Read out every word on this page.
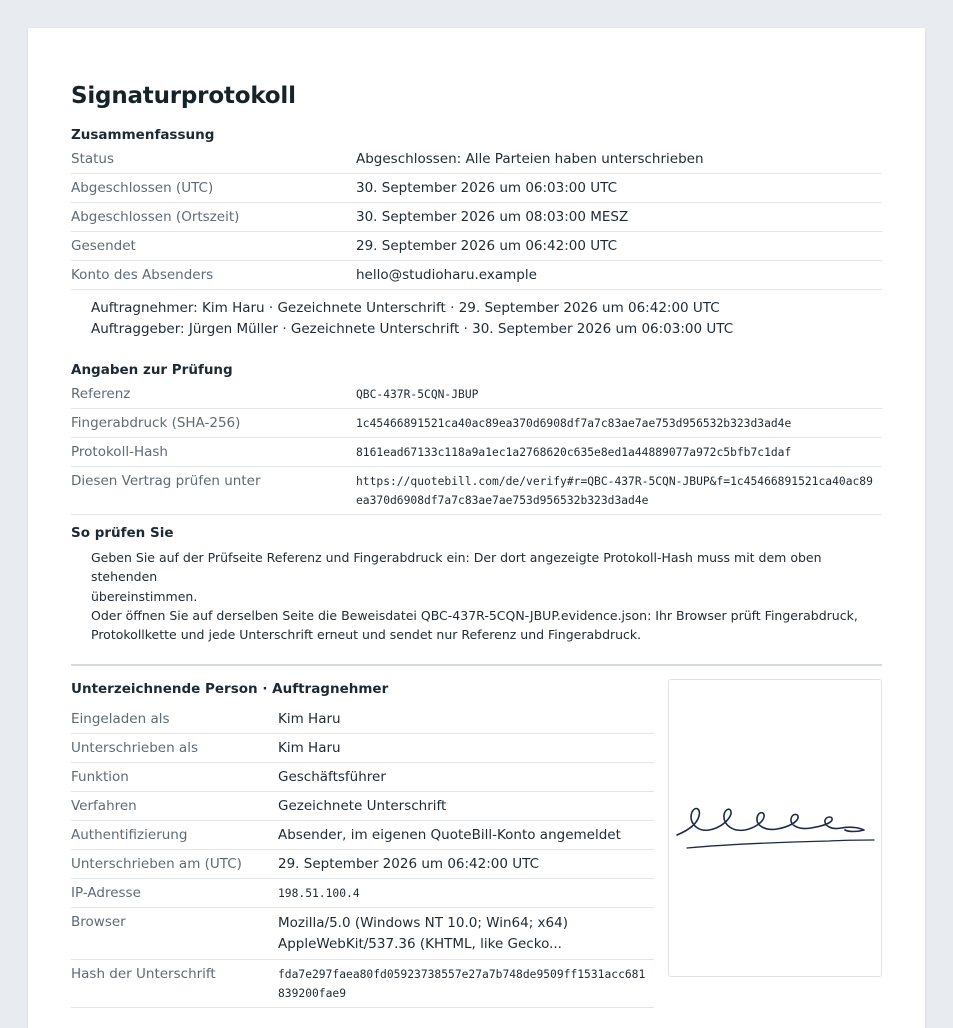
Signaturprotokoll
Zusammenfassung
Status	Abgeschlossen: Alle Parteien haben unterschrieben
Abgeschlossen (UTC)	30. September 2026 um 06:03:00 UTC
Abgeschlossen (Ortszeit)	30. September 2026 um 08:03:00 MESZ
Gesendet	29. September 2026 um 06:42:00 UTC
Konto des Absenders	hello@studioharu.example
Auftragnehmer: Kim Haru · Gezeichnete Unterschrift · 29. September 2026 um 06:42:00 UTC
Auftraggeber: Jürgen Müller · Gezeichnete Unterschrift · 30. September 2026 um 06:03:00 UTC
Angaben zur Prüfung
Referenz	QBC-437R-5CQN-JBUP
Fingerabdruck (SHA-256)	1c45466891521ca40ac89ea370d6908df7a7c83ae7ae753d956532b323d3ad4e
Protokoll-Hash	8161ead67133c118a9a1ec1a2768620c635e8ed1a44889077a972c5bfb7c1daf
Diesen Vertrag prüfen unter	https://quotebill.com/de/verify#r=QBC-437R-5CQN-JBUP&f=1c45466891521ca40ac89
ea370d6908df7a7c83ae7ae753d956532b323d3ad4e
So prüfen Sie
Geben Sie auf der Prüfseite Referenz und Fingerabdruck ein: Der dort angezeigte Protokoll-Hash muss mit dem oben stehenden
übereinstimmen.
Oder öffnen Sie auf derselben Seite die Beweisdatei QBC-437R-5CQN-JBUP.evidence.json: Ihr Browser prüft Fingerabdruck,
Protokollkette und jede Unterschrift erneut und sendet nur Referenz und Fingerabdruck.
Unterzeichnende Person · Auftragnehmer
Eingeladen als	Kim Haru
Unterschrieben als	Kim Haru
Funktion	Geschäftsführer
Verfahren	Gezeichnete Unterschrift
Authentifizierung	Absender, im eigenen QuoteBill-Konto angemeldet
Unterschrieben am (UTC)	29. September 2026 um 06:42:00 UTC
IP-Adresse	198.51.100.4
Browser	Mozilla/5.0 (Windows NT 10.0; Win64; x64)
AppleWebKit/537.36 (KHTML, like Gecko...

Hash der Unterschrift	fda7e297faea80fd05923738557e27a7b748de9509ff1531acc681
839200fae9
